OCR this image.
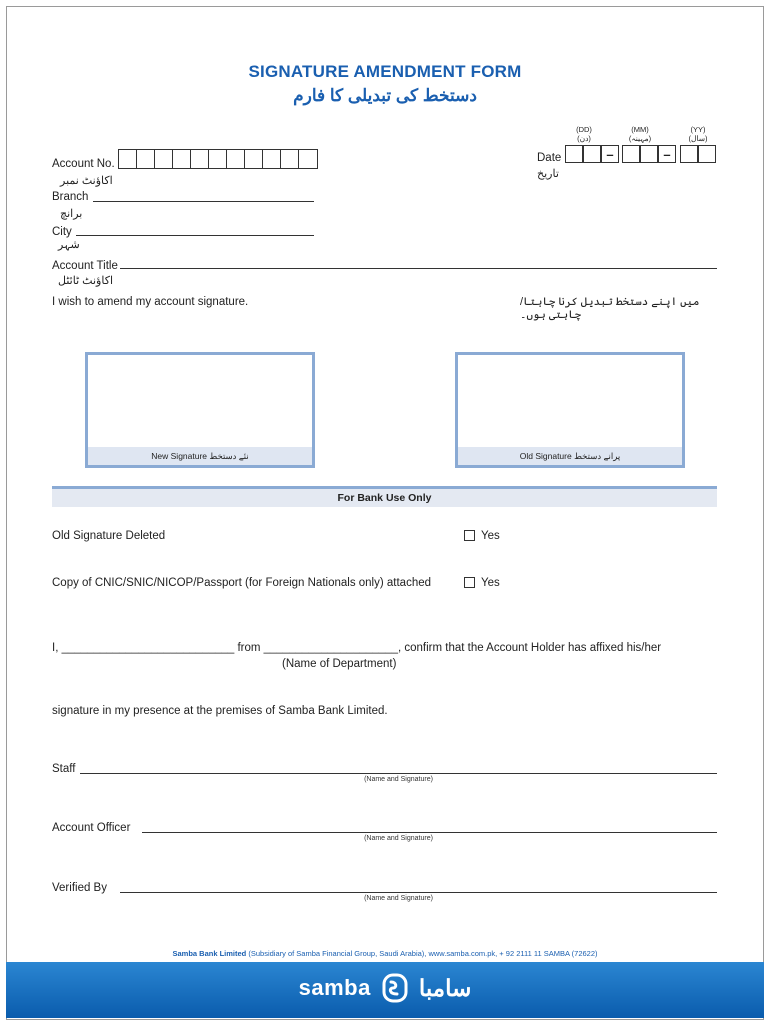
SIGNATURE AMENDMENT FORM
دستخط کی تبدیلی کا فارم
(DD)
(دن)
(MM)
(مہینہ)
(YY)
(سال)
Date
تاریخ
–	–
Account No.
اکاؤنٹ نمبر
Branch
برانچ
City
شہر
Account Title
اکاؤنٹ ٹائٹل
I wish to amend my account signature.	میں اپنے دستخط تبدیل کرنا چاہتا/ چاہتی ہوں۔
New Signature نئے دستخط	Old Signature پرانے دستخط
For Bank Use Only
Old Signature Deleted	Yes
Copy of CNIC/SNIC/NICOP/Passport (for Foreign Nationals only) attached	Yes
I, ___________________________ from _____________________, confirm that the Account Holder has affixed his/her
(Name of Department)
signature in my presence at the premises of Samba Bank Limited.
Staff
(Name and Signature)
Account Officer
(Name and Signature)
Verified By
(Name and Signature)
Samba Bank Limited (Subsidiary of Samba Financial Group, Saudi Arabia), www.samba.com.pk, + 92 2111 11 SAMBA (72622)
samba سامبا
